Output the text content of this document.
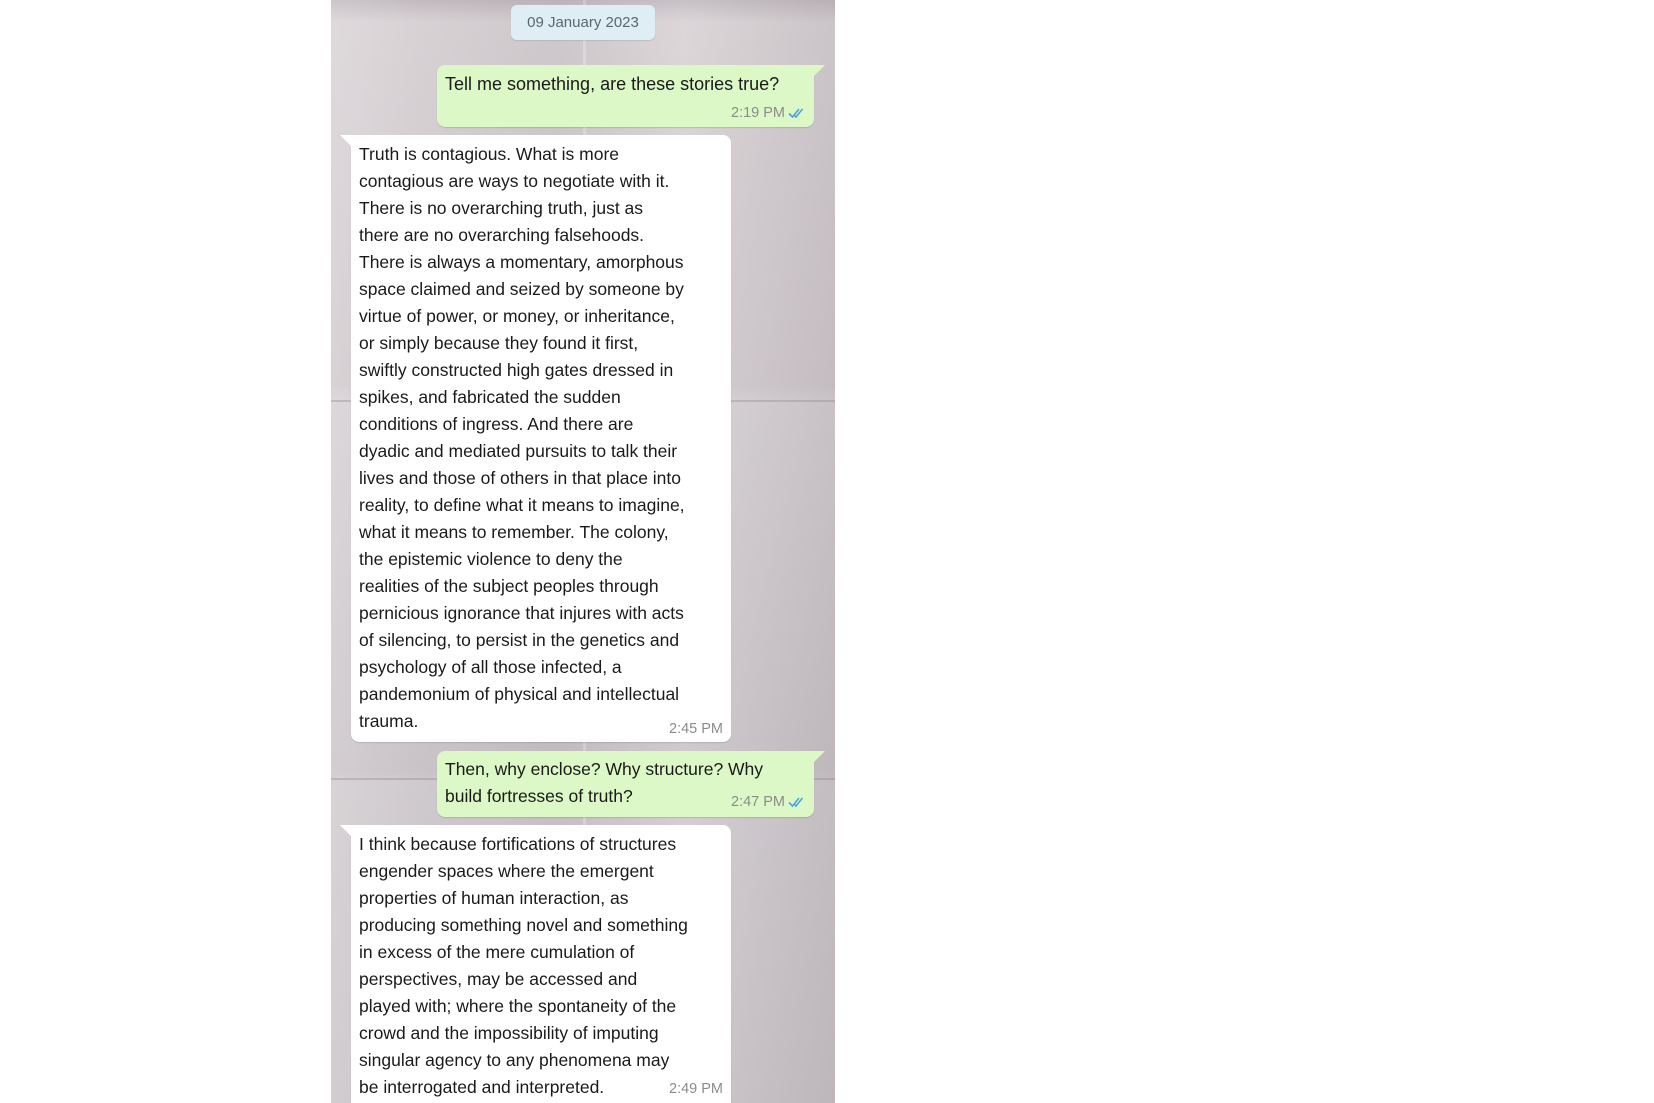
09 January 2023
Tell me something, are these stories true?
2:19 PM
Truth is contagious. What is more
contagious are ways to negotiate with it.
There is no overarching truth, just as
there are no overarching falsehoods.
There is always a momentary, amorphous
space claimed and seized by someone by
virtue of power, or money, or inheritance,
or simply because they found it first,
swiftly constructed high gates dressed in
spikes, and fabricated the sudden
conditions of ingress. And there are
dyadic and mediated pursuits to talk their
lives and those of others in that place into
reality, to define what it means to imagine,
what it means to remember. The colony,
the epistemic violence to deny the
realities of the subject peoples through
pernicious ignorance that injures with acts
of silencing, to persist in the genetics and
psychology of all those infected, a
pandemonium of physical and intellectual
trauma.	2:45 PM
Then, why enclose? Why structure? Why
build fortresses of truth?	2:47 PM
I think because fortifications of structures
engender spaces where the emergent
properties of human interaction, as
producing something novel and something
in excess of the mere cumulation of
perspectives, may be accessed and
played with; where the spontaneity of the
crowd and the impossibility of imputing
singular agency to any phenomena may
be interrogated and interpreted.	2:49 PM
